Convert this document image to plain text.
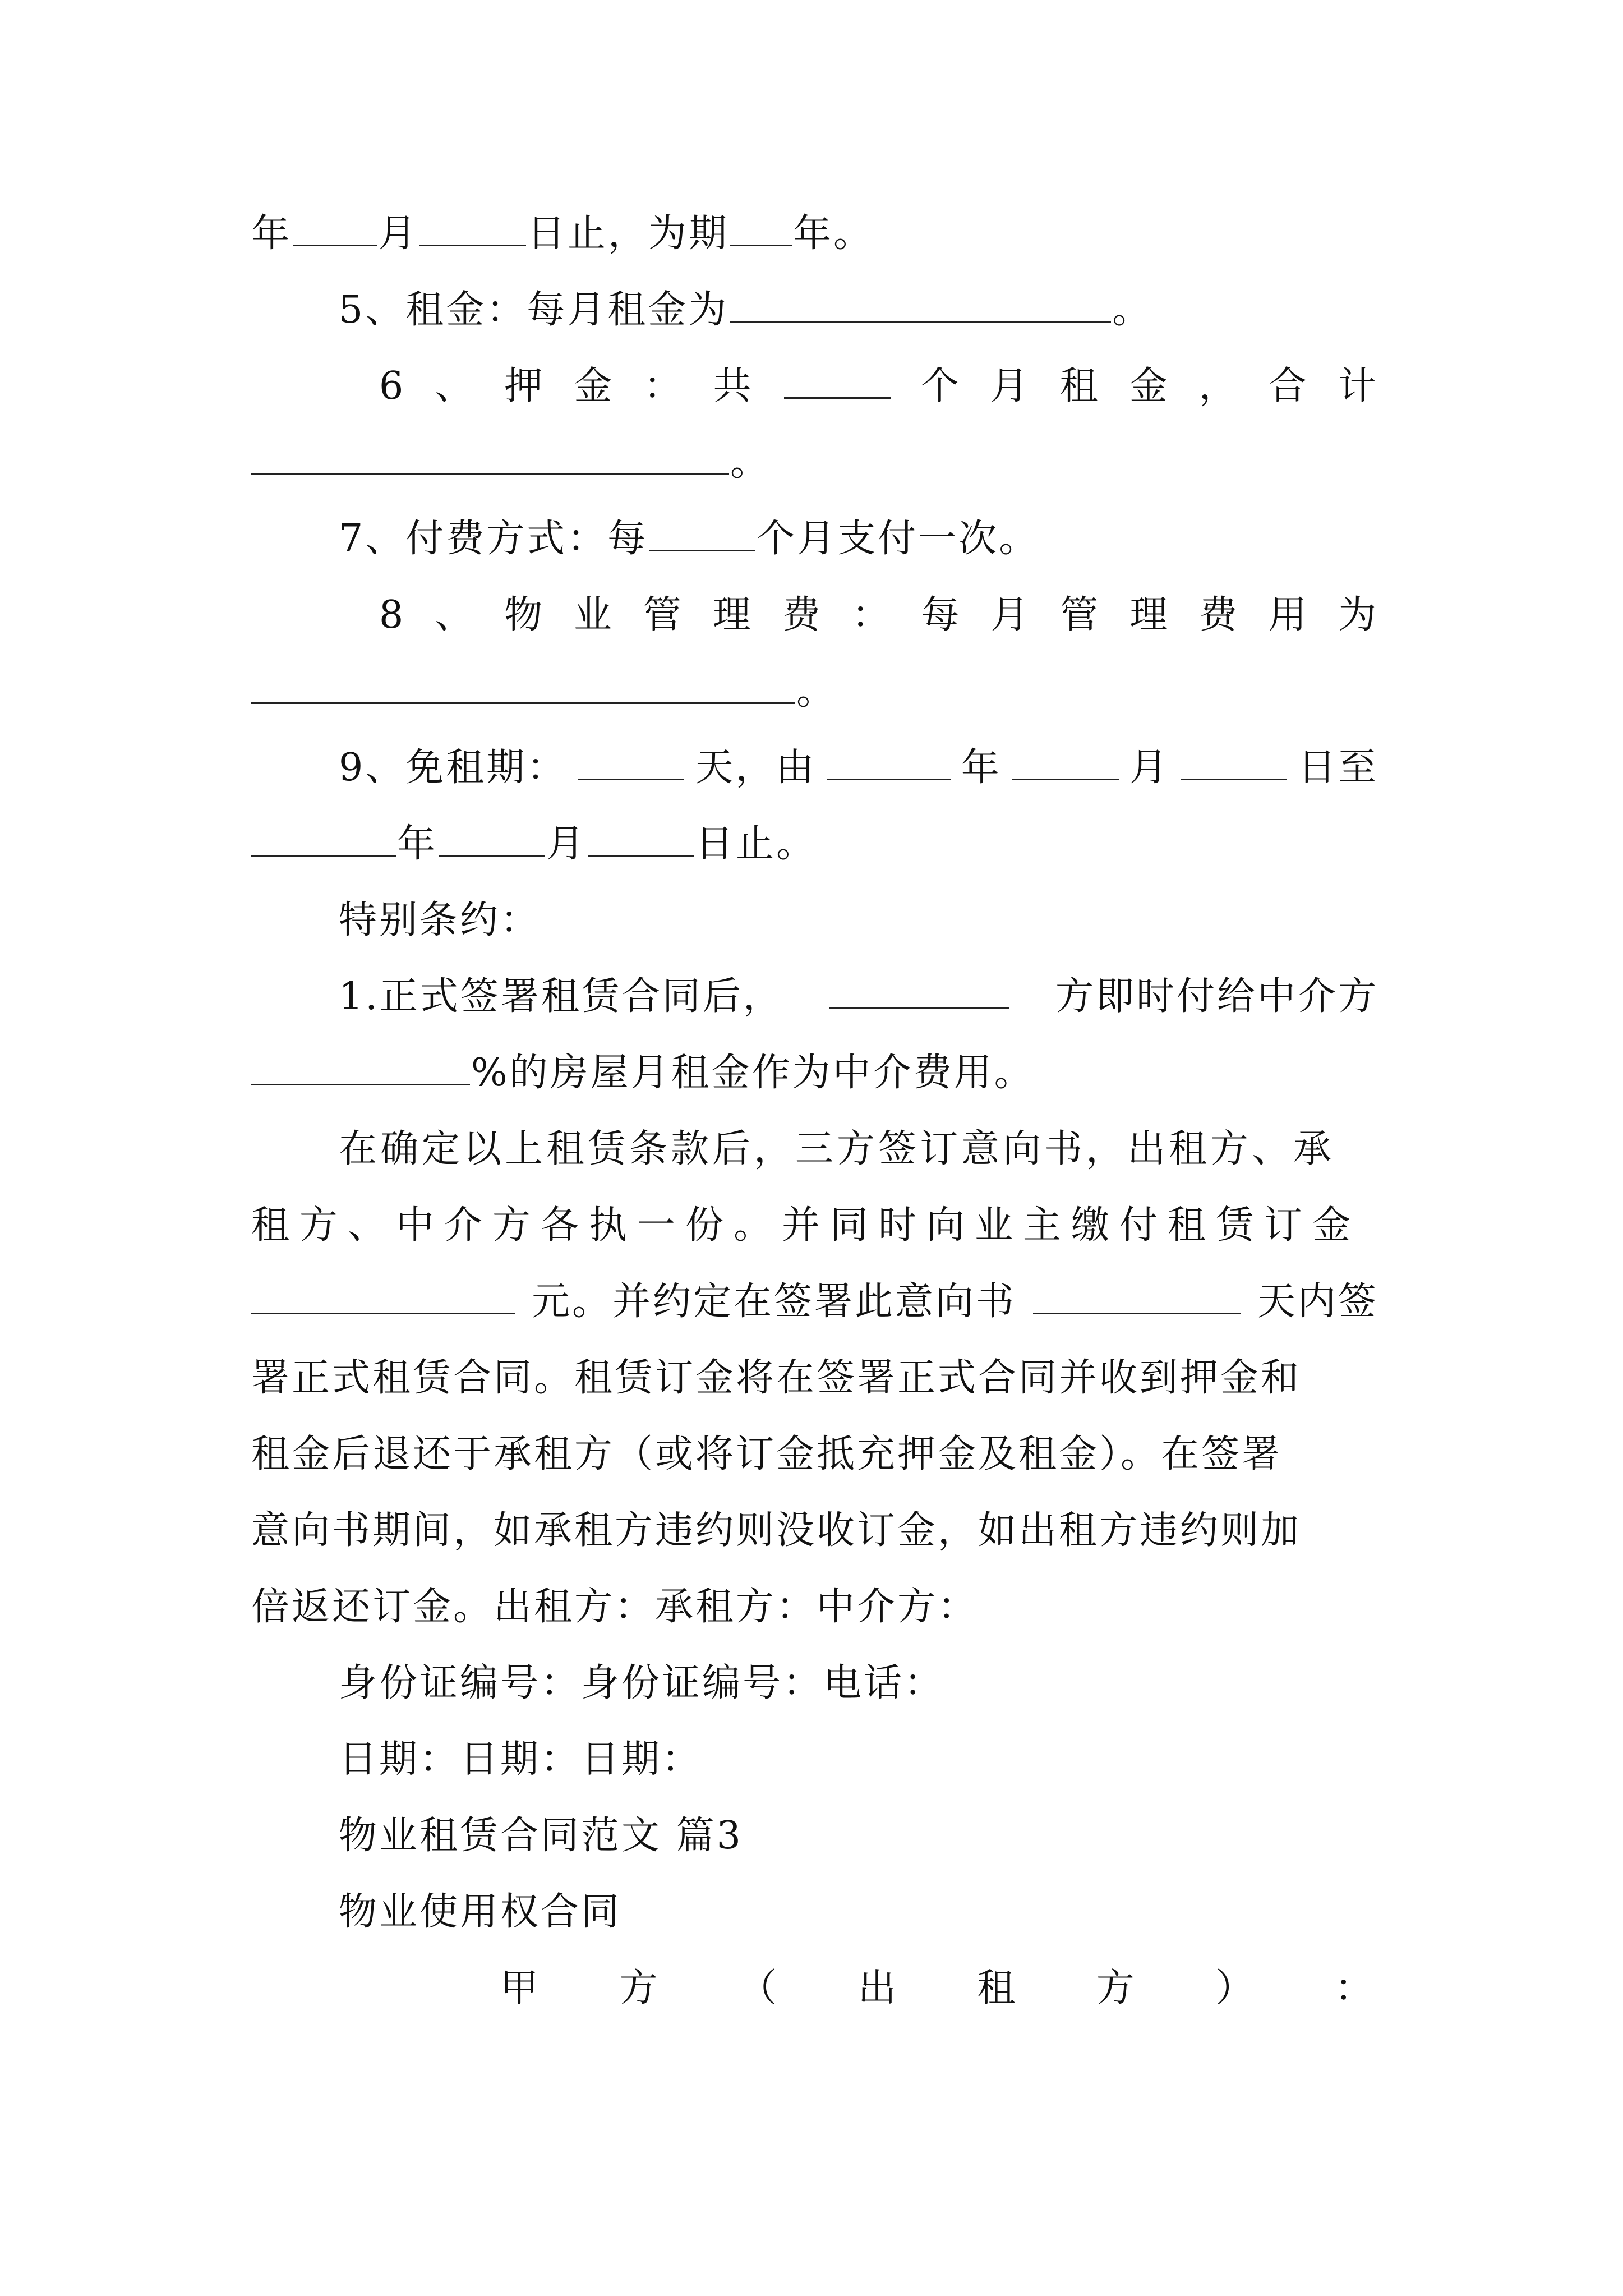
年 月	日止，为期 年。
5、租金：每月租金为	。
6 、 押 金 ： 共	个 月 租 金 ， 合 计
。
7、付费方式：每	个月支付一次。
8 、 物 业 管 理 费 ： 每 月 管 理 费 用 为
。
9、免租期：	天，由	年	月	日至
年	月	日止。
特别条约：
1.正式签署租赁合同后，	方即时付给中介方
%的房屋月租金作为中介费用。
在确定以上租赁条款后，三方签订意向书，出租方、承
租方、中介方各执一份。并同时向业主缴付租赁订金
元。并约定在签署此意向书	天内签
署正式租赁合同。租赁订金将在签署正式合同并收到押金和
租金后退还于承租方（或将订金抵充押金及租金）。在签署
意向书期间，如承租方违约则没收订金，如出租方违约则加
倍返还订金。出租方：承租方：中介方：
身份证编号：身份证编号：电话：
日期：日期：日期：
物业租赁合同范文 篇3
物业使用权合同
甲 方 （ 出 租 方 ） ：
